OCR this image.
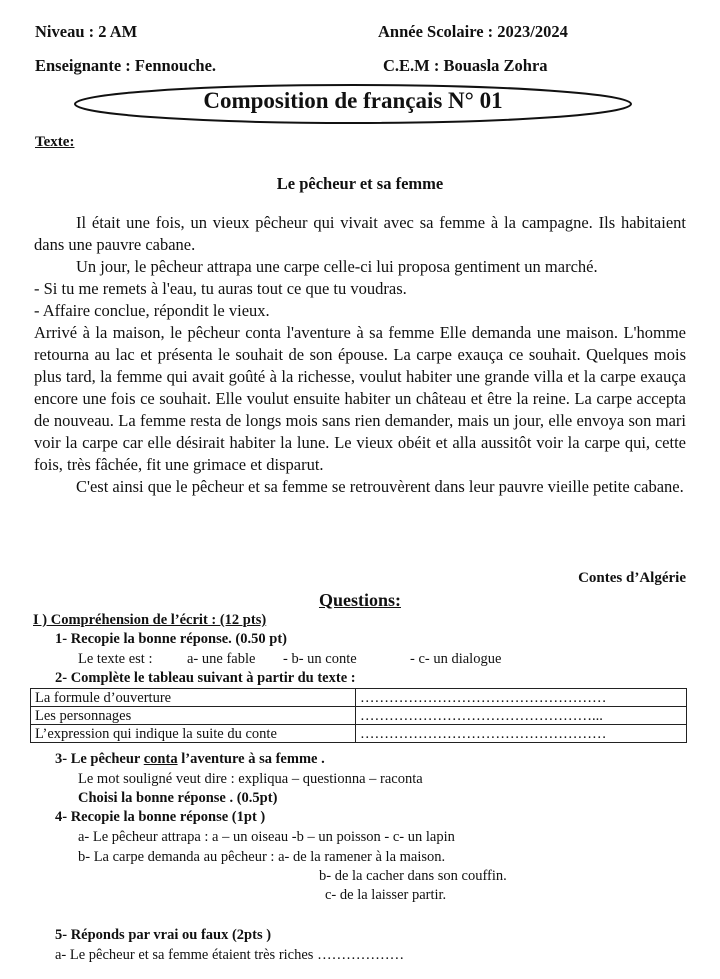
Niveau : 2 AM	Année Scolaire : 2023/2024
Enseignante : Fennouche.	C.E.M : Bouasla Zohra
Composition de français N° 01
Texte:
Le pêcheur et sa femme

Il était une fois, un vieux pêcheur qui vivait avec sa femme à la campagne. Ils habitaient dans une pauvre cabane.

Un jour, le pêcheur attrapa une carpe celle-ci lui proposa gentiment un marché.

- Si tu me remets à l'eau, tu auras tout ce que tu voudras.

- Affaire conclue, répondit le vieux.

Arrivé à la maison, le pêcheur conta l'aventure à sa femme Elle demanda une maison. L'homme retourna au lac et présenta le souhait de son épouse. La carpe exauça ce souhait. Quelques mois plus tard, la femme qui avait goûté à la richesse, voulut habiter une grande villa et la carpe exauça encore une fois ce souhait. Elle voulut ensuite habiter un château et être la reine. La carpe accepta de nouveau. La femme resta de longs mois sans rien demander, mais un jour, elle envoya son mari voir la carpe car elle désirait habiter la lune. Le vieux obéit et alla aussitôt voir la carpe qui, cette fois, très fâchée, fit une grimace et disparut.

C'est ainsi que le pêcheur et sa femme se retrouvèrent dans leur pauvre vieille petite cabane.

Contes d’Algérie
Questions:
I ) Compréhension de l’écrit : (12 pts)
1- Recopie la bonne réponse. (0.50 pt)
Le texte est : a- une fable - b- un conte	- c- un dialogue
2- Complète le tableau suivant à partir du texte :
La formule d’ouverture	……………………………………………
Les personnages	…………………………………………...
L’expression qui indique la suite du conte	……………………………………………
3- Le pêcheur conta l’aventure à sa femme .
Le mot souligné veut dire : expliqua – questionna – raconta
Choisi la bonne réponse . (0.5pt)
4- Recopie la bonne réponse (1pt )
a- Le pêcheur attrapa : a – un oiseau -b – un poisson - c- un lapin
b- La carpe demanda au pêcheur : a- de la ramener à la maison.
b- de la cacher dans son couffin.
c- de la laisser partir.
5- Réponds par vrai ou faux (2pts )
a- Le pêcheur et sa femme étaient très riches ………………
